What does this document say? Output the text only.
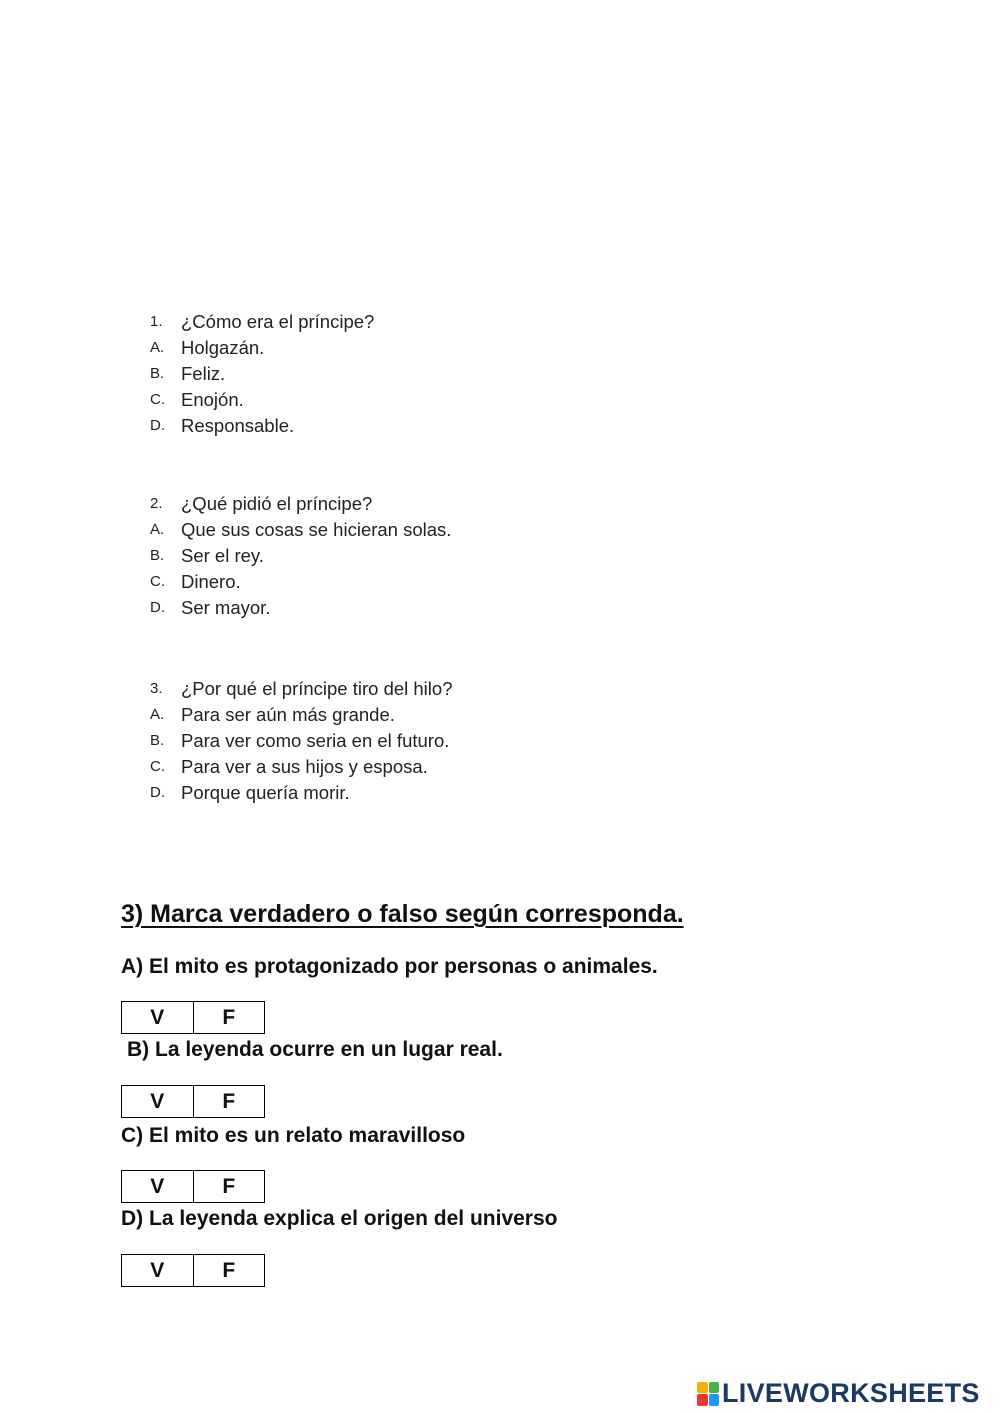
1. ¿Cómo era el príncipe?
A. Holgazán.
B. Feliz.
C. Enojón.
D. Responsable.
2. ¿Qué pidió el príncipe?
A. Que sus cosas se hicieran solas.
B. Ser el rey.
C. Dinero.
D. Ser mayor.
3. ¿Por qué el príncipe tiro del hilo?
A. Para ser aún más grande.
B. Para ver como seria en el futuro.
C. Para ver a sus hijos y esposa.
D. Porque quería morir.
3) Marca verdadero o falso según corresponda.
A) El mito es protagonizado por personas o animales.
V	F
B) La leyenda ocurre en un lugar real.
V	F
C) El mito es un relato maravilloso
V	F
D) La leyenda explica el origen del universo
V	F
LIVEWORKSHEETS
